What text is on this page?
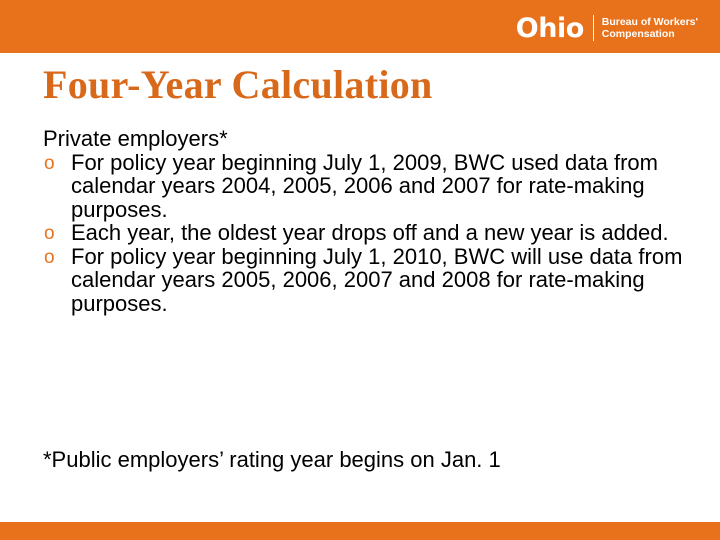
Ohio Bureau of Workers'
Compensation
Four-Year Calculation

Private employers*

o For policy year beginning July 1, 2009, BWC used data from calendar years 2004, 2005, 2006 and 2007 for rate-making purposes.
o Each year, the oldest year drops off and a new year is added.
o For policy year beginning July 1, 2010, BWC will use data from calendar years 2005, 2006, 2007 and 2008 for rate-making purposes.

*Public employers’ rating year begins on Jan. 1
